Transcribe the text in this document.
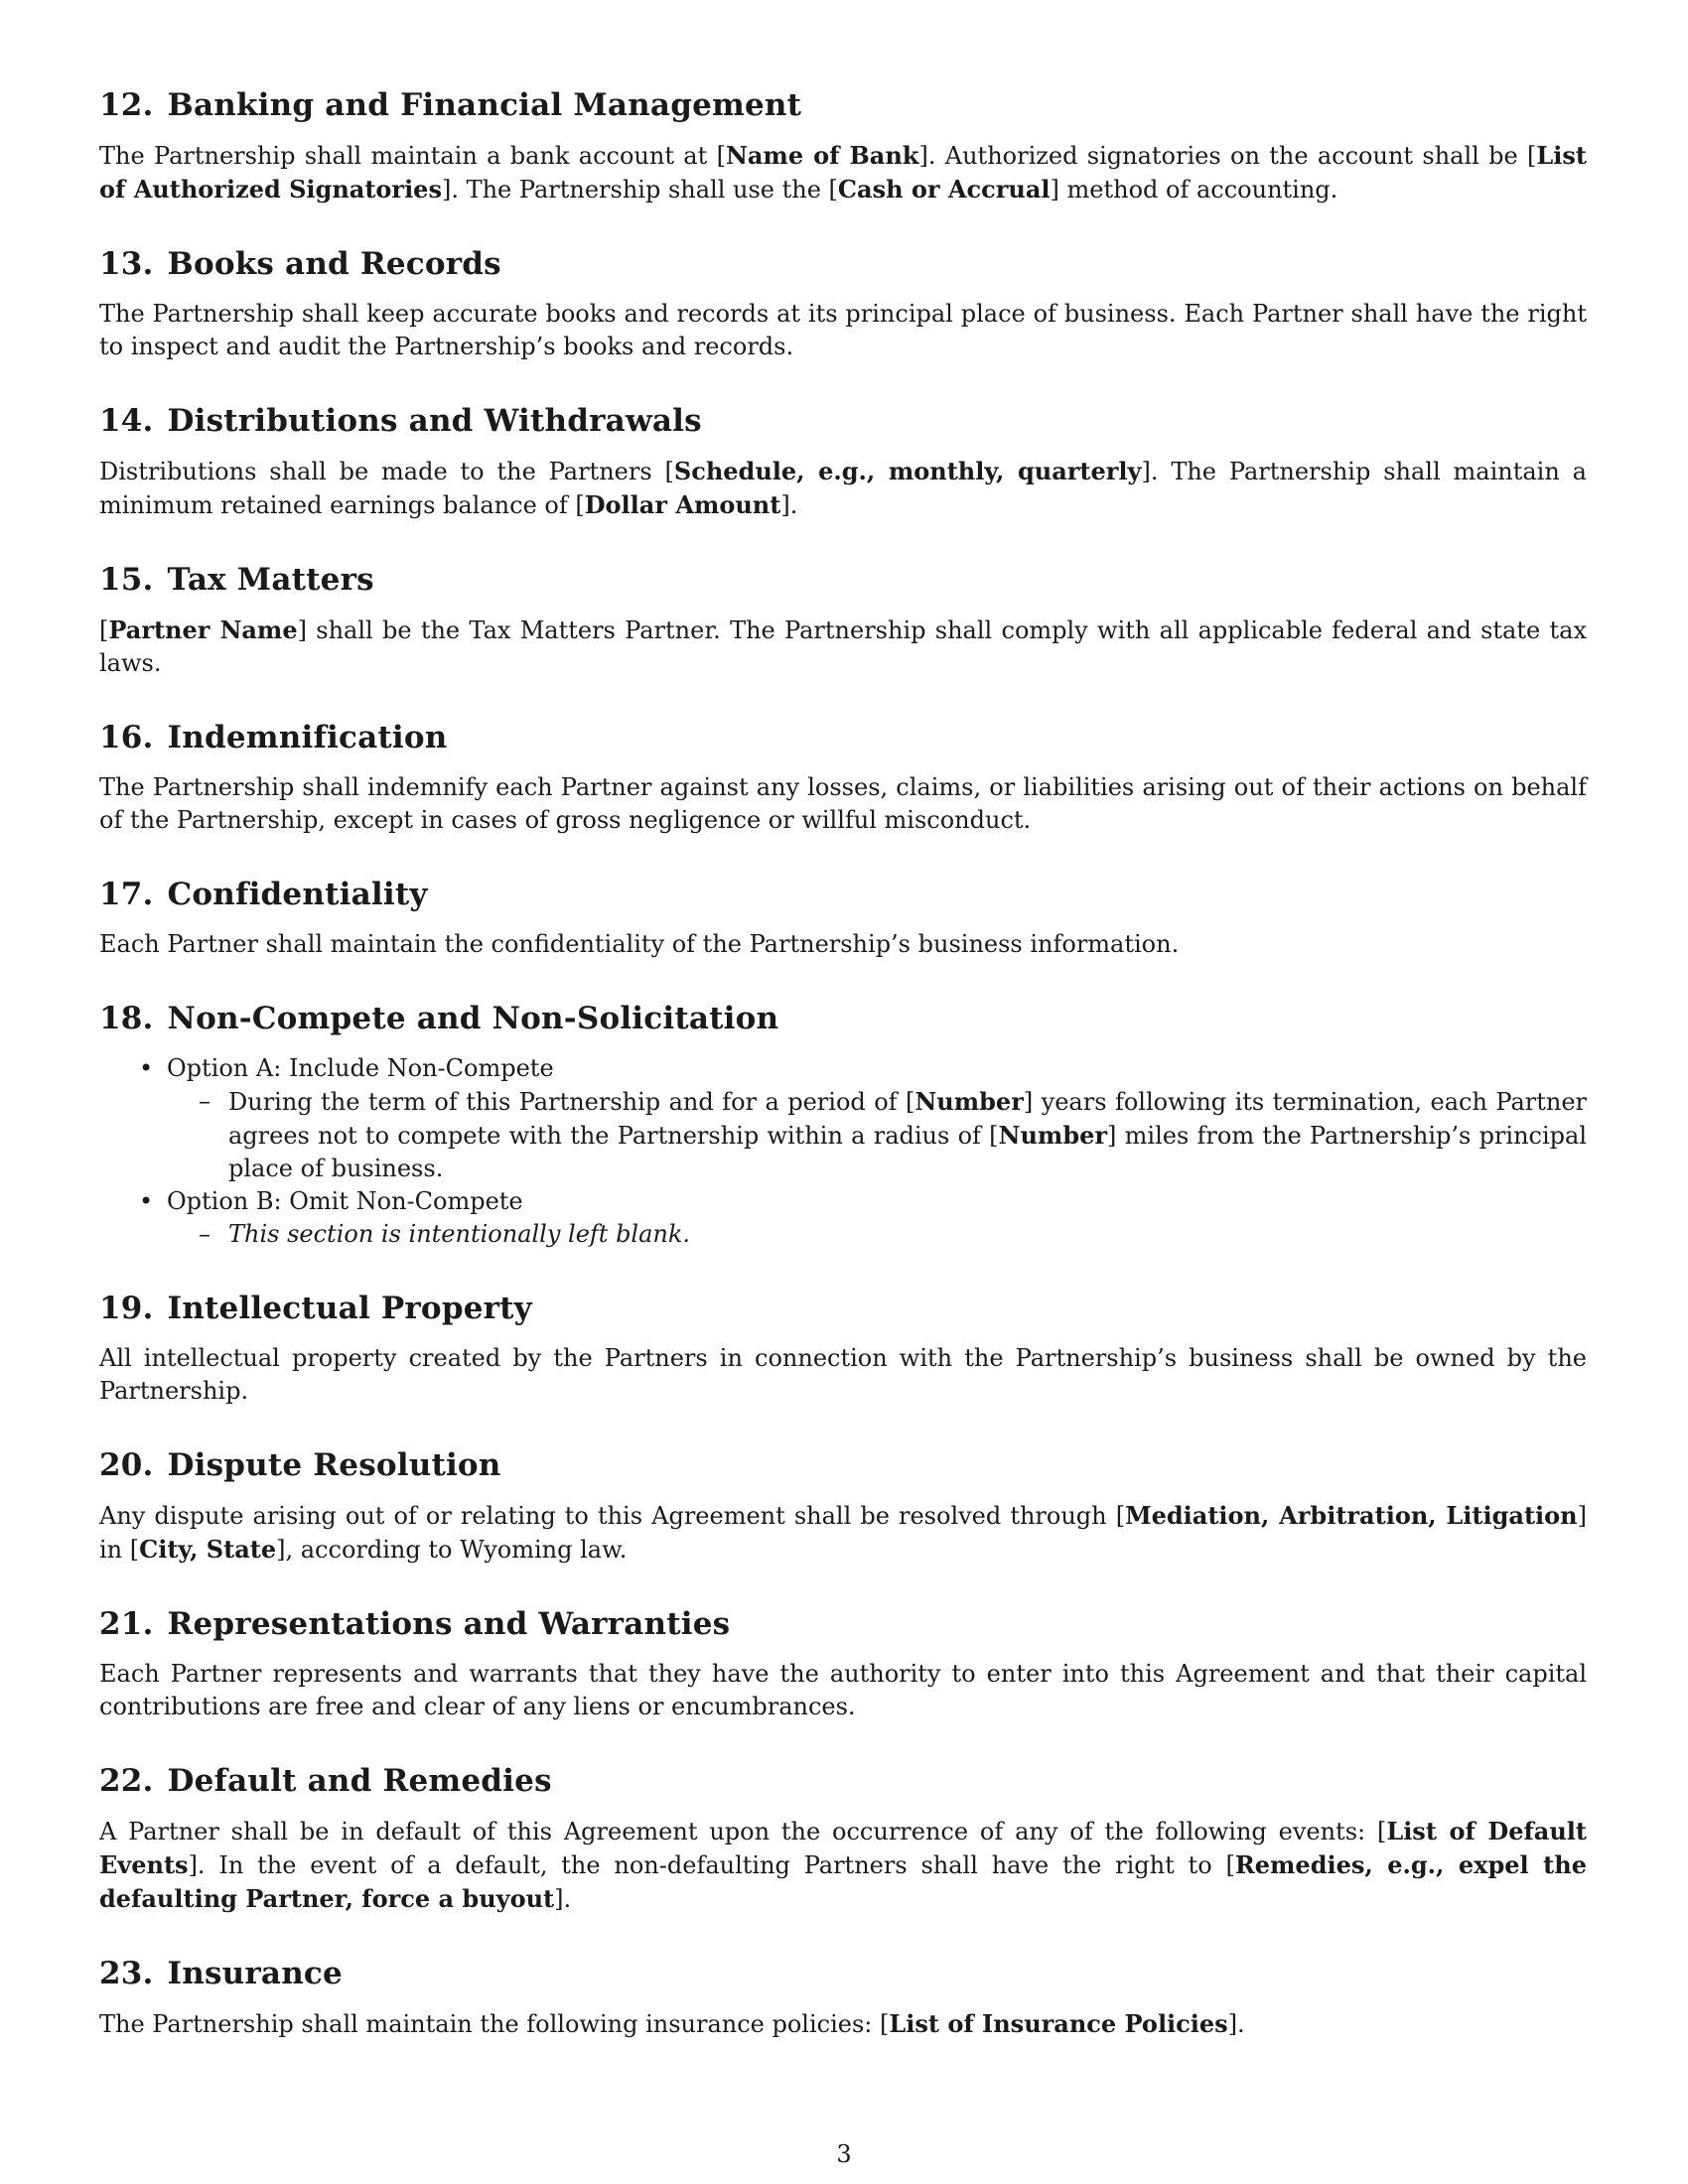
12. Banking and Financial Management

The Partnership shall maintain a bank account at [Name of Bank]. Authorized signatories on the account shall be [List of Authorized Signatories]. The Partnership shall use the [Cash or Accrual] method of accounting.

13. Books and Records

The Partnership shall keep accurate books and records at its principal place of business. Each Partner shall have the right to inspect and audit the Partnership’s books and records.

14. Distributions and Withdrawals

Distributions shall be made to the Partners [Schedule, e.g., monthly, quarterly]. The Partnership shall maintain a minimum retained earnings balance of [Dollar Amount].

15. Tax Matters

[Partner Name] shall be the Tax Matters Partner. The Partnership shall comply with all applicable federal and state tax laws.

16. Indemnification

The Partnership shall indemnify each Partner against any losses, claims, or liabilities arising out of their actions on behalf of the Partnership, except in cases of gross negligence or willful misconduct.

17. Confidentiality

Each Partner shall maintain the confidentiality of the Partnership’s business information.

18. Non-Compete and Non-Solicitation
• Option A: Include Non-Compete
– During the term of this Partnership and for a period of [Number] years following its termination, each Partner agrees not to compete with the Partnership within a radius of [Number] miles from the Partnership’s principal place of business.
• Option B: Omit Non-Compete
– This section is intentionally left blank.
19. Intellectual Property

All intellectual property created by the Partners in connection with the Partnership’s business shall be owned by the Partnership.

20. Dispute Resolution

Any dispute arising out of or relating to this Agreement shall be resolved through [Mediation, Arbitration, Litigation] in [City, State], according to Wyoming law.

21. Representations and Warranties

Each Partner represents and warrants that they have the authority to enter into this Agreement and that their capital contributions are free and clear of any liens or encumbrances.

22. Default and Remedies

A Partner shall be in default of this Agreement upon the occurrence of any of the following events: [List of Default Events]. In the event of a default, the non-defaulting Partners shall have the right to [Remedies, e.g., expel the defaulting Partner, force a buyout].

23. Insurance

The Partnership shall maintain the following insurance policies: [List of Insurance Policies].

3
